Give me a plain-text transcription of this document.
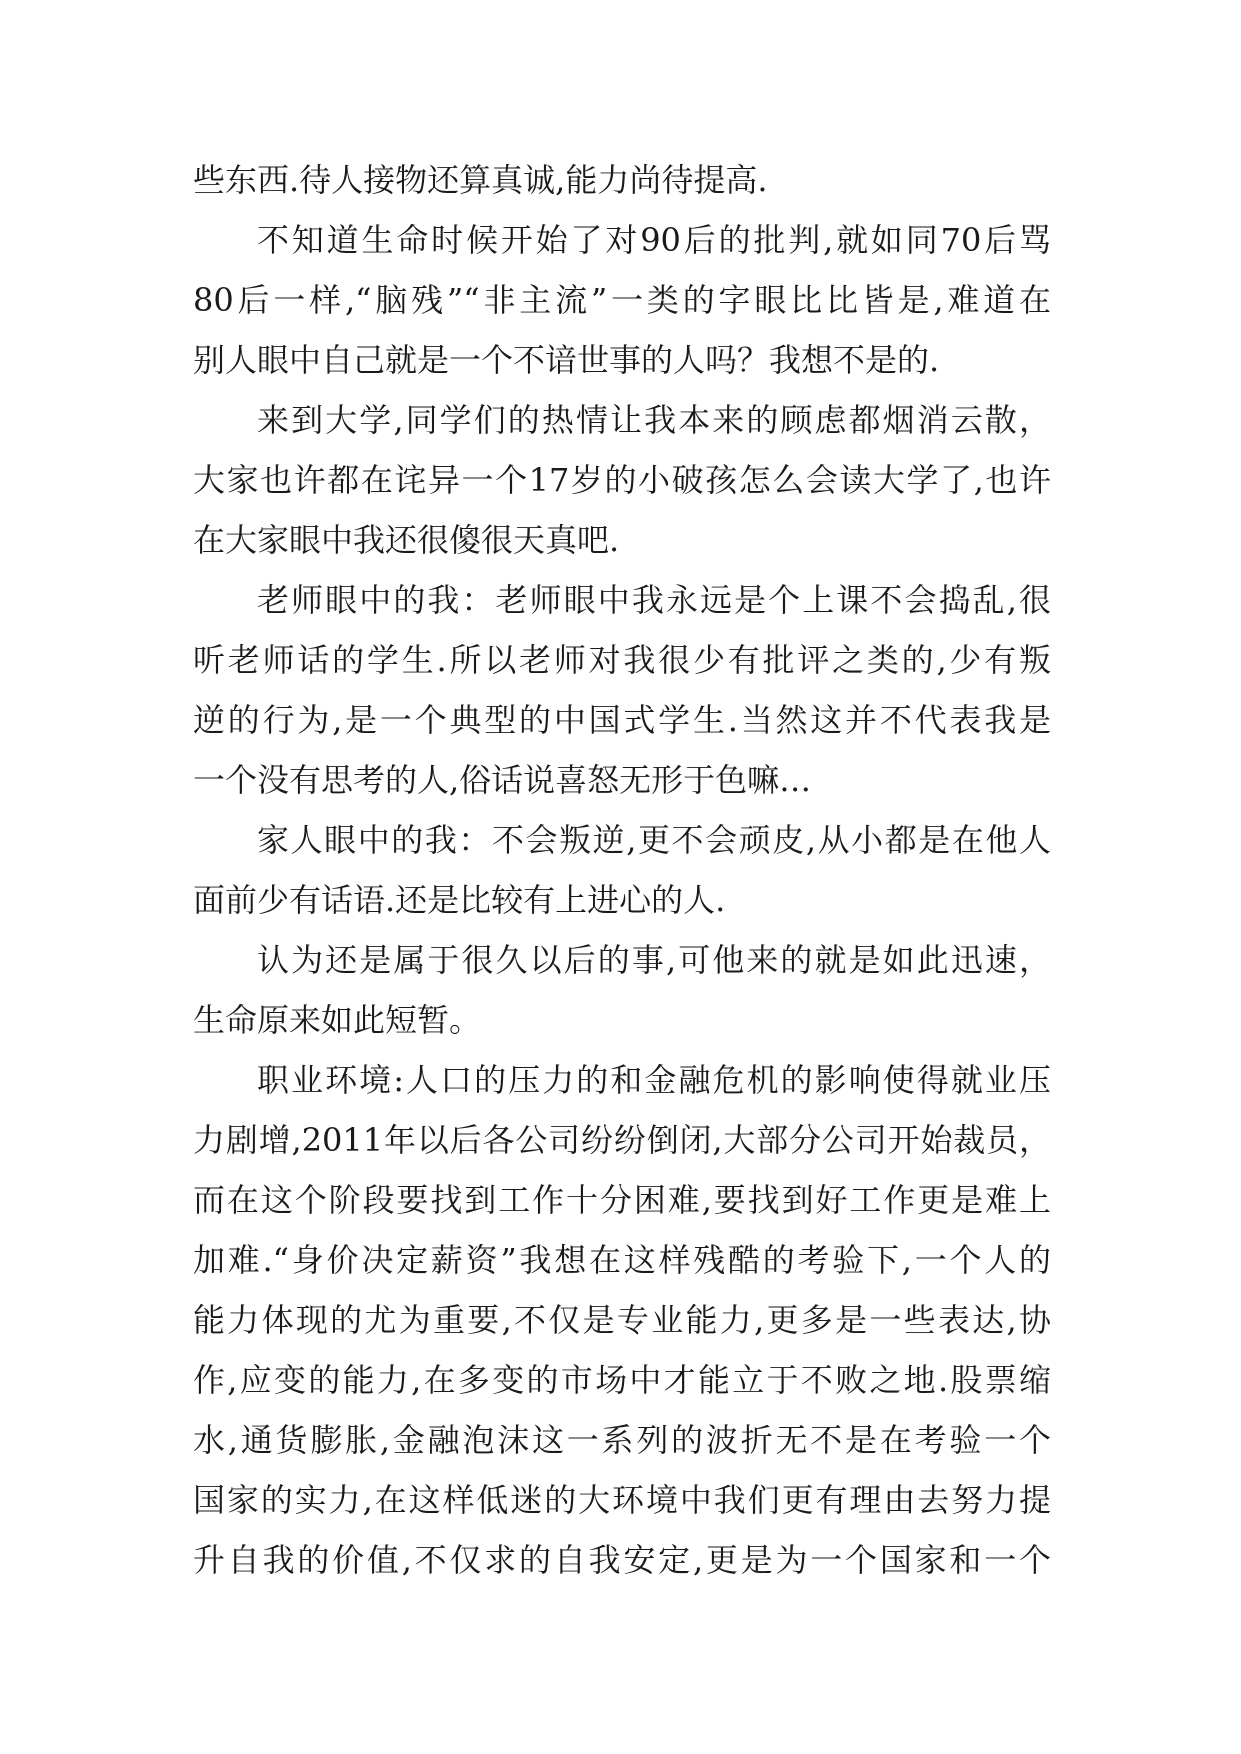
些东西.待人接物还算真诚,能力尚待提高.
不知道生命时候开始了对90后的批判,就如同70后骂
80后一样,“脑残”“非主流”一类的字眼比比皆是,难道在
别人眼中自己就是一个不谙世事的人吗？我想不是的.
来到大学,同学们的热情让我本来的顾虑都烟消云散，
大家也许都在诧异一个17岁的小破孩怎么会读大学了,也许
在大家眼中我还很傻很天真吧.
老师眼中的我：老师眼中我永远是个上课不会捣乱,很
听老师话的学生.所以老师对我很少有批评之类的,少有叛
逆的行为,是一个典型的中国式学生.当然这并不代表我是
一个没有思考的人,俗话说喜怒无形于色嘛…
家人眼中的我：不会叛逆,更不会顽皮,从小都是在他人
面前少有话语.还是比较有上进心的人.
认为还是属于很久以后的事,可他来的就是如此迅速，
生命原来如此短暂。
职业环境:人口的压力的和金融危机的影响使得就业压
力剧增,2011年以后各公司纷纷倒闭,大部分公司开始裁员，
而在这个阶段要找到工作十分困难,要找到好工作更是难上
加难.“身价决定薪资”我想在这样残酷的考验下,一个人的
能力体现的尤为重要,不仅是专业能力,更多是一些表达,协
作,应变的能力,在多变的市场中才能立于不败之地.股票缩
水,通货膨胀,金融泡沫这一系列的波折无不是在考验一个
国家的实力,在这样低迷的大环境中我们更有理由去努力提
升自我的价值,不仅求的自我安定,更是为一个国家和一个
